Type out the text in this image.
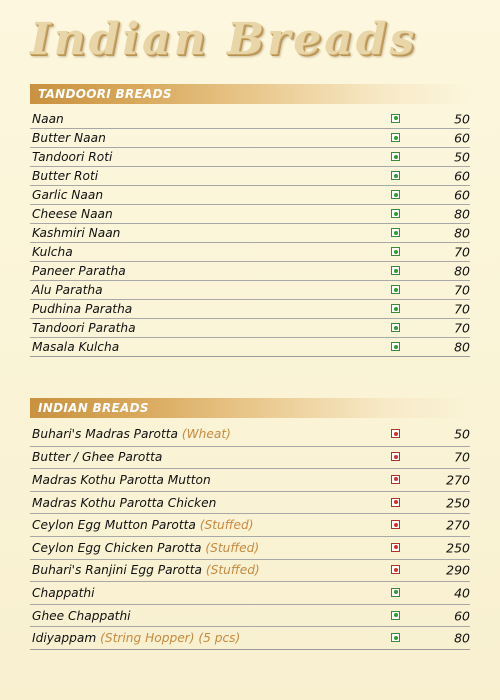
Indian Breads
TANDOORI BREADS
Naan	50
Butter Naan	60
Tandoori Roti	50
Butter Roti	60
Garlic Naan	60
Cheese Naan	80
Kashmiri Naan	80
Kulcha	70
Paneer Paratha	80
Alu Paratha	70
Pudhina Paratha	70
Tandoori Paratha	70
Masala Kulcha	80
INDIAN BREADS
Buhari's Madras Parotta (Wheat)	50
Butter / Ghee Parotta	70
Madras Kothu Parotta Mutton	270
Madras Kothu Parotta Chicken	250
Ceylon Egg Mutton Parotta (Stuffed)	270
Ceylon Egg Chicken Parotta (Stuffed)	250
Buhari's Ranjini Egg Parotta (Stuffed)	290
Chappathi	40
Ghee Chappathi	60
Idiyappam (String Hopper) (5 pcs)	80
